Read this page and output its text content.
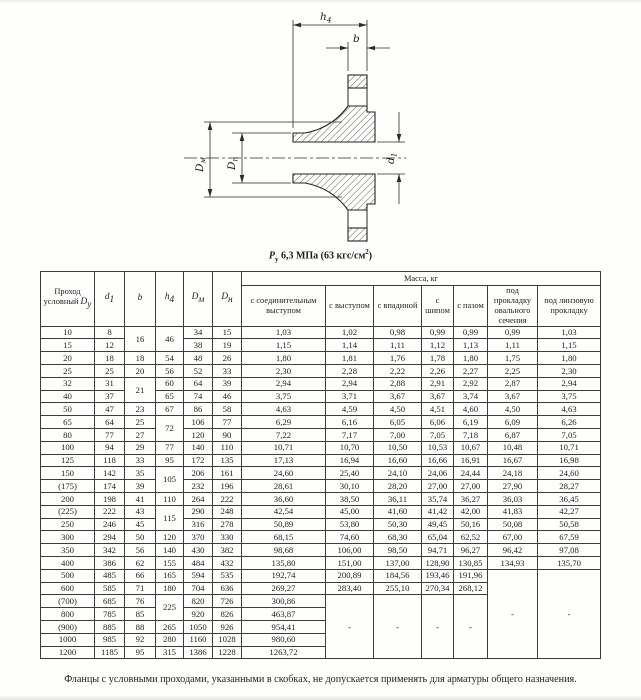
$h_4$
b
$D_м$
$D_п$	$d_1$
$Р_у$ 6,3 МПа (63 кгс/$см^2$)
Проход
условный $D_у$	$d_1$	b	$h_4$	$D_м$	$D_н$	Масса, кг						
						с соединительным выступом	с выступом	с впадиной	с шипом	с пазом	под прокладку овального сечения	под линзовую прокладку
10	8	16	46	34	15	1,03	1,02	0,98	0,99	0,99	0,99	1,03
15	12			38	19	1,15	1,14	1,11	1,12	1,13	1,11	1,15
20	18	18	54	48	26	1,80	1,81	1,76	1,78	1,80	1,75	1,80
25	25	20	56	52	33	2,30	2,28	2,22	2,26	2,27	2,25	2,30
32	31	21	60	64	39	2,94	2,94	2,88	2,91	2,92	2,87	2,94
40	37		65	74	46	3,75	3,71	3,67	3,67	3,74	3,67	3,75
50	47	23	67	86	58	4,63	4,59	4,50	4,51	4,60	4,50	4,63
65	64	25	72	106	77	6,29	6,16	6,05	6,06	6,19	6,09	6,26
80	77	27		120	90	7,22	7,17	7,00	7,05	7,18	6,87	7,05
100	94	29	77	140	110	10,71	10,70	10,50	10,53	10,67	10,48	10,71
125	118	33	95	172	135	17,13	16,94	16,60	16,66	16,91	16,67	16,98
150	142	35	105	206	161	24,60	25,40	24,10	24,06	24,44	24,18	24,60
(175)	174	39		232	196	28,61	30,10	28,20	27,00	27,00	27,90	28,27
200	198	41	110	264	222	36,60	38,50	36,11	35,74	36,27	36,03	36,45
(225)	222	43	115	290	248	42,54	45,00	41,60	41,42	42,00	41,83	42,27
250	246	45		316	278	50,89	53,80	50,30	49,45	50,16	50,08	50,58
300	294	50	120	370	330	68,15	74,60	68,30	65,04	62,52	67,00	67,59
350	342	56	140	430	382	98,68	106,00	98,50	94,71	96,27	96,42	97,08
400	386	62	155	484	432	135,80	151,00	137,00	128,90	130,85	134,93	135,70
500	485	66	165	594	535	192,74	200,89	184,56	193,46	191,96	-	-
600	585	71	180	704	636	269,27	283,40	255,10	270,34	268,12		
(700)	685	76	225	820	726	300,86	-	-	-	-		
800	785	85		920	826	463,87						
(900)	885	88	265	1050	926	954,41						
1000	985	92	280	1160	1028	980,60						
1200	1185	95	315	1386	1228	1263,72						
Фланцы с условными проходами, указанными в скобках, не допускается применять для арматуры общего назначения.
